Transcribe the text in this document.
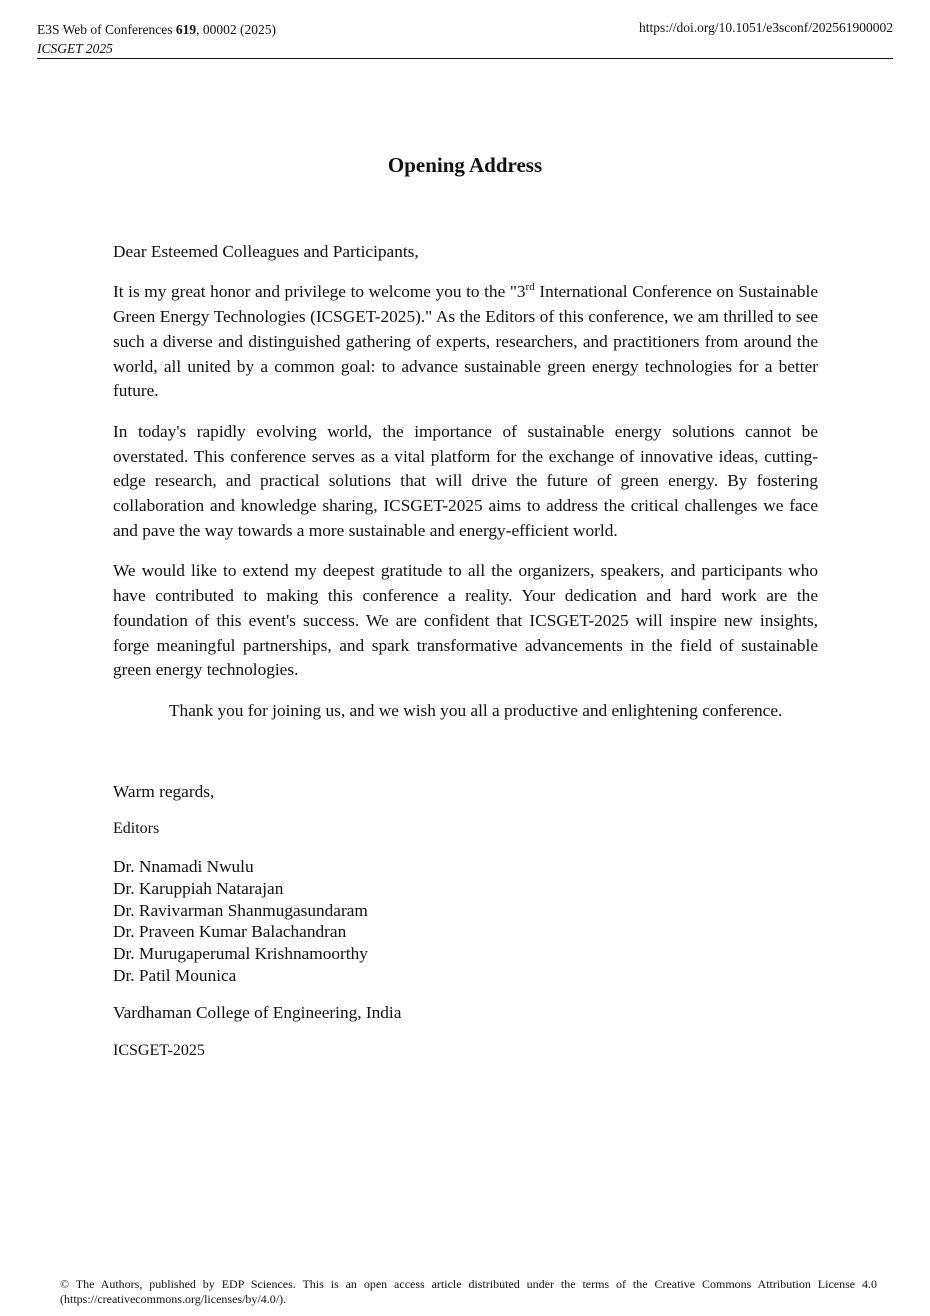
E3S Web of Conferences 619, 00002 (2025)
ICSGET 2025
https://doi.org/10.1051/e3sconf/202561900002
Opening Address

Dear Esteemed Colleagues and Participants,

It is my great honor and privilege to welcome you to the "3rd International Conference on Sustainable Green Energy Technologies (ICSGET-2025)." As the Editors of this conference, we am thrilled to see such a diverse and distinguished gathering of experts, researchers, and practitioners from around the world, all united by a common goal: to advance sustainable green energy technologies for a better future.

In today's rapidly evolving world, the importance of sustainable energy solutions cannot be overstated. This conference serves as a vital platform for the exchange of innovative ideas, cutting-edge research, and practical solutions that will drive the future of green energy. By fostering collaboration and knowledge sharing, ICSGET-2025 aims to address the critical challenges we face and pave the way towards a more sustainable and energy-efficient world.

We would like to extend my deepest gratitude to all the organizers, speakers, and participants who have contributed to making this conference a reality. Your dedication and hard work are the foundation of this event's success. We are confident that ICSGET-2025 will inspire new insights, forge meaningful partnerships, and spark transformative advancements in the field of sustainable green energy technologies.

Thank you for joining us, and we wish you all a productive and enlightening conference.

Warm regards,

Editors

Dr. Nnamadi Nwulu
Dr. Karuppiah Natarajan
Dr. Ravivarman Shanmugasundaram
Dr. Praveen Kumar Balachandran
Dr. Murugaperumal Krishnamoorthy
Dr. Patil Mounica

Vardhaman College of Engineering, India

ICSGET-2025

© The Authors, published by EDP Sciences. This is an open access article distributed under the terms of the Creative Commons Attribution License 4.0 (https://creativecommons.org/licenses/by/4.0/).
